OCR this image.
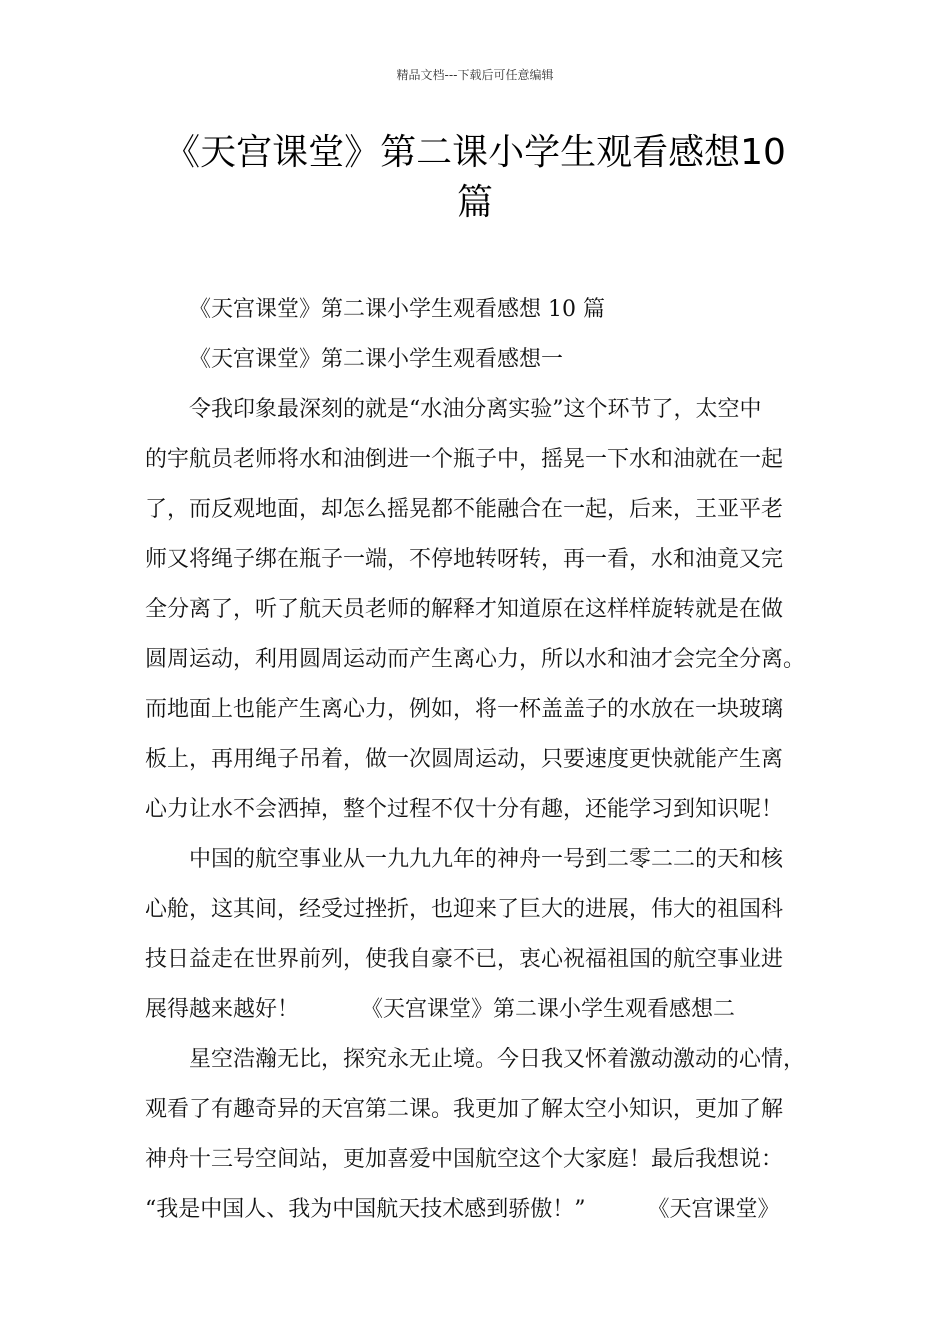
精品文档---下载后可任意编辑
《天宫课堂》第二课小学生观看感想10
篇
《天宫课堂》第二课小学生观看感想 10 篇
《天宫课堂》第二课小学生观看感想一
令我印象最深刻的就是“水油分离实验”这个环节了，太空中
的宇航员老师将水和油倒进一个瓶子中，摇晃一下水和油就在一起
了，而反观地面，却怎么摇晃都不能融合在一起，后来，王亚平老
师又将绳子绑在瓶子一端，不停地转呀转，再一看，水和油竟又完
全分离了，听了航天员老师的解释才知道原在这样样旋转就是在做
圆周运动，利用圆周运动而产生离心力，所以水和油才会完全分离。
而地面上也能产生离心力，例如，将一杯盖盖子的水放在一块玻璃
板上，再用绳子吊着，做一次圆周运动，只要速度更快就能产生离
心力让水不会洒掉，整个过程不仅十分有趣，还能学习到知识呢！
中国的航空事业从一九九九年的神舟一号到二零二二的天和核
心舱，这其间，经受过挫折，也迎来了巨大的进展，伟大的祖国科
技日益走在世界前列，使我自豪不已，衷心祝福祖国的航空事业进
展得越来越好！	《天宫课堂》第二课小学生观看感想二
星空浩瀚无比，探究永无止境。今日我又怀着激动激动的心情，
观看了有趣奇异的天宫第二课。我更加了解太空小知识，更加了解
神舟十三号空间站，更加喜爱中国航空这个大家庭！最后我想说：
“我是中国人、我为中国航天技术感到骄傲！”	《天宫课堂》
